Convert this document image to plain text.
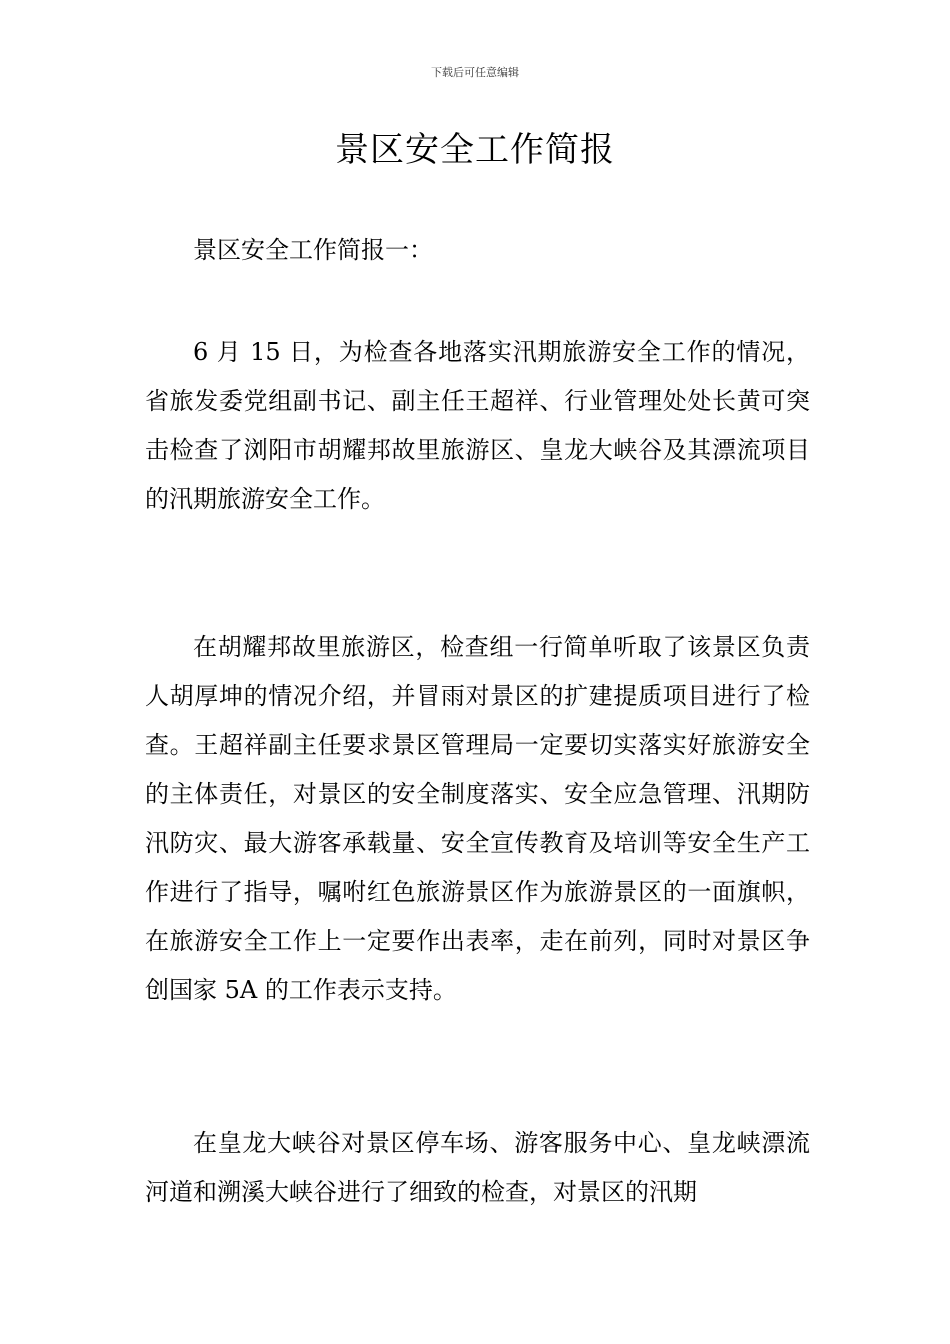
下载后可任意编辑
景区安全工作简报

景区安全工作简报一：

6 月 15 日，为检查各地落实汛期旅游安全工作的情况，省旅发委党组副书记、副主任王超祥、行业管理处处长黄可突击检查了浏阳市胡耀邦故里旅游区、皇龙大峡谷及其漂流项目的汛期旅游安全工作。

在胡耀邦故里旅游区，检查组一行简单听取了该景区负责人胡厚坤的情况介绍，并冒雨对景区的扩建提质项目进行了检查。王超祥副主任要求景区管理局一定要切实落实好旅游安全的主体责任，对景区的安全制度落实、安全应急管理、汛期防汛防灾、最大游客承载量、安全宣传教育及培训等安全生产工作进行了指导，嘱咐红色旅游景区作为旅游景区的一面旗帜，在旅游安全工作上一定要作出表率，走在前列，同时对景区争创国家 5A 的工作表示支持。

在皇龙大峡谷对景区停车场、游客服务中心、皇龙峡漂流河道和溯溪大峡谷进行了细致的检查，对景区的汛期
